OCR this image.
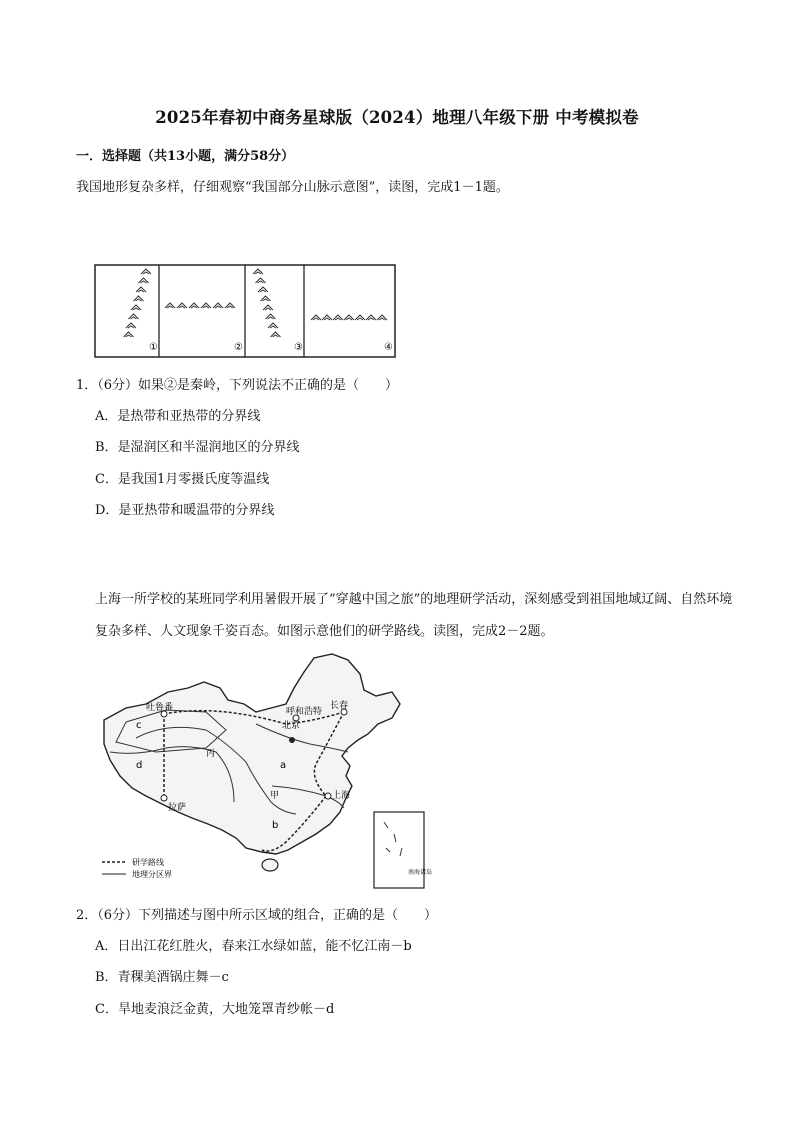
2025年春初中商务星球版（2024）地理八年级下册 中考模拟卷
一．选择题（共13小题，满分58分）
我国地形复杂多样，仔细观察“我国部分山脉示意图”，读图，完成1－1题。
①	②	③	④
1．（6分）如果②是秦岭，下列说法不正确的是（　　）
A．是热带和亚热带的分界线
B．是湿润区和半湿润地区的分界线
C．是我国1月零摄氏度等温线
D．是亚热带和暖温带的分界线
上海一所学校的某班同学利用暑假开展了“穿越中国之旅”的地理研学活动，深刻感受到祖国地域辽阔、自然环境复杂多样、人文现象千姿百态。如图示意他们的研学路线。读图，完成2－2题。
吐鲁番	呼和浩特
长春
北京
拉萨
上海
a
b
c
d
丙
甲
南海诸岛
研学路线
地理分区界
2．（6分）下列描述与图中所示区域的组合，正确的是（　　）
A．日出江花红胜火，春来江水绿如蓝，能不忆江南－b
B．青稞美酒锅庄舞－c
C．旱地麦浪泛金黄，大地笼罩青纱帐－d
